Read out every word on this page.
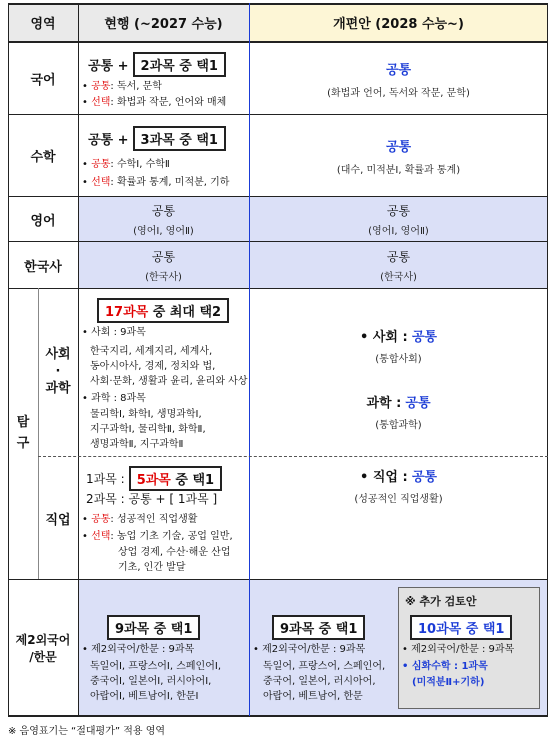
영역	현행 (~2027 수능)	개편안 (2028 수능~)
국어
공통 + 2과목 중 택1
• 공통: 독서, 문학
• 선택: 화법과 작문, 언어와 매체
공통
(화법과 언어, 독서와 작문, 문학)
수학
공통 + 3과목 중 택1
• 공통: 수학Ⅰ, 수학Ⅱ
• 선택: 확률과 통계, 미적분, 기하
공통
(대수, 미적분Ⅰ, 확률과 통계)
영어
공통
(영어Ⅰ, 영어Ⅱ)
공통
(영어Ⅰ, 영어Ⅱ)
한국사
공통
(한국사)
공통
(한국사)
탐
구
사회
·
과학
직업
17과목 중 최대 택2
• 사회 : 9과목
한국지리, 세계지리, 세계사,
동아시아사, 경제, 정치와 법,
사회·문화, 생활과 윤리, 윤리와 사상
• 과학 : 8과목
물리학Ⅰ, 화학Ⅰ, 생명과학Ⅰ,
지구과학Ⅰ, 물리학Ⅱ, 화학Ⅱ,
생명과학Ⅱ, 지구과학Ⅱ
• 사회 : 공통
(통합사회)
과학 : 공통
(통합과학)
1과목 : 5과목 중 택1
2과목 : 공통 + [ 1과목 ]
• 공통: 성공적인 직업생활
• 선택: 농업 기초 기술, 공업 일반,
상업 경제, 수산·해운 산업
기초, 인간 발달
• 직업 : 공통
(성공적인 직업생활)
제2외국어
/한문
9과목 중 택1
• 제2외국어/한문 : 9과목
독일어Ⅰ, 프랑스어Ⅰ, 스페인어Ⅰ,
중국어Ⅰ, 일본어Ⅰ, 러시아어Ⅰ,
아랍어Ⅰ, 베트남어Ⅰ, 한문Ⅰ
9과목 중 택1
• 제2외국어/한문 : 9과목
독일어, 프랑스어, 스페인어,
중국어, 일본어, 러시아어,
아랍어, 베트남어, 한문
※ 추가 검토안
10과목 중 택1
• 제2외국어/한문 : 9과목
• 심화수학 : 1과목
(미적분Ⅱ+기하)
※ 음영표기는 “절대평가” 적용 영역
